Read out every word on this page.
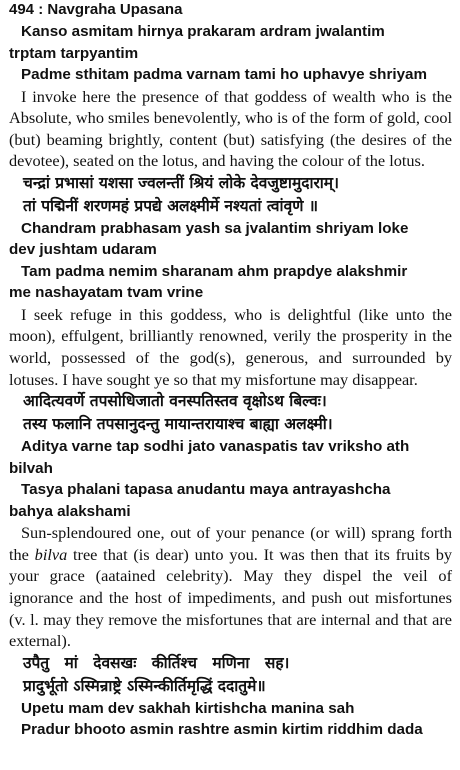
494 : Navgraha Upasana

Kanso asmitam hirnya prakaram ardram jwalantim

trptam tarpyantim

Padme sthitam padma varnam tami ho uphavye shriyam

I invoke here the presence of that goddess of wealth who is the Absolute, who smiles benevolently, who is of the form of gold, cool (but) beaming brightly, content (but) satisfying (the desires of the devotee), seated on the lotus, and having the colour of the lotus.

चन्द्रां प्रभासां यशसा ज्वलन्तीं श्रियं लोके देवजुष्टामुदाराम्।

तां पद्मिनीं शरणमहं प्रपद्ये अलक्ष्मीर्मे नश्यतां त्वांवृणे ॥

Chandram prabhasam yash sa jvalantim shriyam loke

dev jushtam udaram

Tam padma nemim sharanam ahm prapdye alakshmir

me nashayatam tvam vrine

I seek refuge in this goddess, who is delightful (like unto the moon), effulgent, brilliantly renowned, verily the prosperity in the world, possessed of the god(s), generous, and surrounded by lotuses. I have sought ye so that my misfortune may disappear.

आदित्यवर्णे तपसोधिजातो वनस्पतिस्तव वृक्षोऽथ बिल्वः।

तस्य फलानि तपसानुदन्तु मायान्तरायाश्च बाह्या अलक्ष्मी।

Aditya varne tap sodhi jato vanaspatis tav vriksho ath

bilvah

Tasya phalani tapasa anudantu maya antrayashcha

bahya alakshami

Sun-splendoured one, out of your penance (or will) sprang forth the bilva tree that (is dear) unto you. It was then that its fruits by your grace (aatained celebrity). May they dispel the veil of ignorance and the host of impediments, and push out misfortunes (v. l. may they remove the misfortunes that are internal and that are external).

उपैतु मां देवसखः कीर्तिश्च मणिना सह।

प्रादुर्भूतो ऽस्मिन्राष्ट्रे ऽस्मिन्कीर्तिमृद्धिं ददातुमे॥

Upetu mam dev sakhah kirtishcha manina sah

Pradur bhooto asmin rashtre asmin kirtim riddhim dada
